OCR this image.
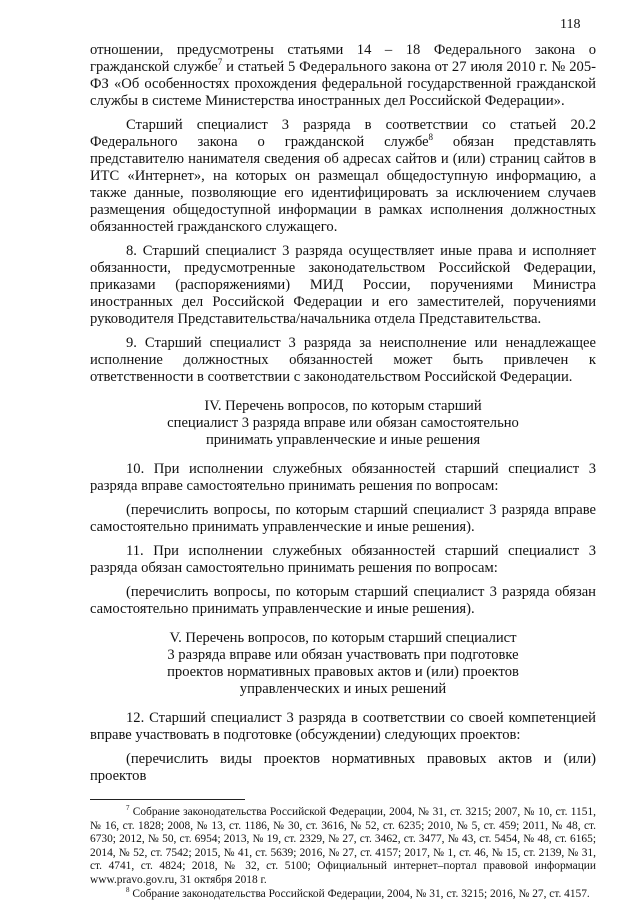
118

отношении, предусмотрены статьями 14 – 18 Федерального закона о гражданской службе$^7$ и статьей 5 Федерального закона от 27 июля 2010 г. № 205-ФЗ «Об особенностях прохождения федеральной государственной гражданской службы в системе Министерства иностранных дел Российской Федерации».

Старший специалист 3 разряда в соответствии со статьей 20.2 Федерального закона о гражданской службе$^8$ обязан представлять представителю нанимателя сведения об адресах сайтов и (или) страниц сайтов в ИТС «Интернет», на которых он размещал общедоступную информацию, а также данные, позволяющие его идентифицировать за исключением случаев размещения общедоступной информации в рамках исполнения должностных обязанностей гражданского служащего.

8. Старший специалист 3 разряда осуществляет иные права и исполняет обязанности, предусмотренные законодательством Российской Федерации, приказами (распоряжениями) МИД России, поручениями Министра иностранных дел Российской Федерации и его заместителей, поручениями руководителя Представительства/начальника отдела Представительства.

9. Старший специалист 3 разряда за неисполнение или ненадлежащее исполнение должностных обязанностей может быть привлечен к ответственности в соответствии с законодательством Российской Федерации.

IV. Перечень вопросов, по которым старший
специалист 3 разряда вправе или обязан самостоятельно
принимать управленческие и иные решения

10. При исполнении служебных обязанностей старший специалист 3 разряда вправе самостоятельно принимать решения по вопросам:

(перечислить вопросы, по которым старший специалист 3 разряда вправе самостоятельно принимать управленческие и иные решения).

11. При исполнении служебных обязанностей старший специалист 3 разряда обязан самостоятельно принимать решения по вопросам:

(перечислить вопросы, по которым старший специалист 3 разряда обязан самостоятельно принимать управленческие и иные решения).

V. Перечень вопросов, по которым старший специалист
3 разряда вправе или обязан участвовать при подготовке
проектов нормативных правовых актов и (или) проектов
управленческих и иных решений

12. Старший специалист 3 разряда в соответствии со своей компетенцией вправе участвовать в подготовке (обсуждении) следующих проектов:

(перечислить виды проектов нормативных правовых актов и (или) проектов

$^7$ Собрание законодательства Российской Федерации, 2004, № 31, ст. 3215; 2007, № 10, ст. 1151, № 16, ст. 1828; 2008, № 13, ст. 1186, № 30, ст. 3616, № 52, ст. 6235; 2010, № 5, ст. 459; 2011, № 48, ст. 6730; 2012, № 50, ст. 6954; 2013, № 19, ст. 2329, № 27, ст. 3462, ст. 3477, № 43, ст. 5454, № 48, ст. 6165; 2014, № 52, ст. 7542; 2015, № 41, ст. 5639; 2016, № 27, ст. 4157; 2017, № 1, ст. 46, № 15, ст. 2139, № 31, ст. 4741, ст. 4824; 2018, № 32, ст. 5100; Официальный интернет–портал правовой информации www.pravo.gov.ru, 31 октября 2018 г.

$^8$ Собрание законодательства Российской Федерации, 2004, № 31, ст. 3215; 2016, № 27, ст. 4157.
